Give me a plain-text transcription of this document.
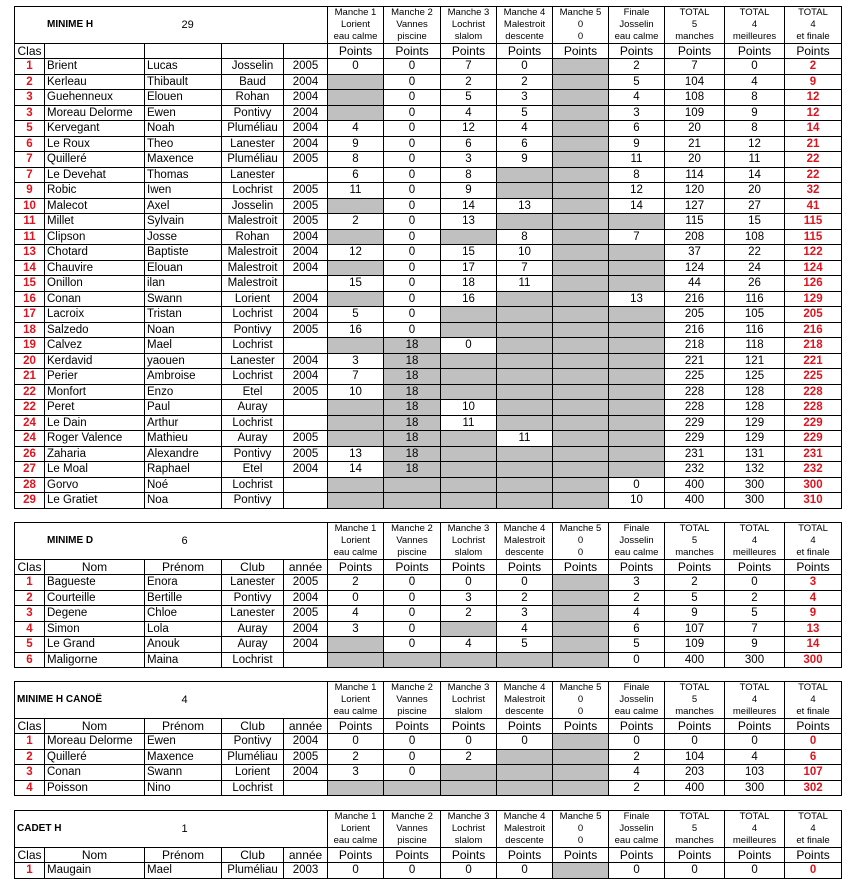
MINIME H	29	
Manche 1
Lorient
eau calme

Manche 2
Vannes
piscine

Manche 3
Lochrist
slalom

Manche 4
Malestroit
descente

Manche 5
0
0

Finale
Josselin
eau calme

TOTAL
5
manches

TOTAL
4
meilleures

TOTAL
4
et finale

Clas					Points	Points	Points	Points	Points	Points	Points	Points	Points
1	Brient	Lucas	Josselin	2005	0	0	7	0		2	7	0	2
2	Kerleau	Thibault	Baud	2004		0	2	2		5	104	4	9
3	Guehenneux	Elouen	Rohan	2004		0	5	3		4	108	8	12
3	Moreau Delorme	Ewen	Pontivy	2004		0	4	5		3	109	9	12
5	Kervegant	Noah	Pluméliau	2004	4	0	12	4		6	20	8	14
6	Le Roux	Theo	Lanester	2004	9	0	6	6		9	21	12	21
7	Quilleré	Maxence	Pluméliau	2005	8	0	3	9		11	20	11	22
7	Le Devehat	Thomas	Lanester		6	0	8			8	114	14	22
9	Robic	Iwen	Lochrist	2005	11	0	9			12	120	20	32
10	Malecot	Axel	Josselin	2005		0	14	13		14	127	27	41
11	Millet	Sylvain	Malestroit	2005	2	0	13				115	15	115
11	Clipson	Josse	Rohan	2004		0		8		7	208	108	115
13	Chotard	Baptiste	Malestroit	2004	12	0	15	10			37	22	122
14	Chauvire	Elouan	Malestroit	2004		0	17	7			124	24	124
15	Onillon	ilan	Malestroit		15	0	18	11			44	26	126
16	Conan	Swann	Lorient	2004		0	16			13	216	116	129
17	Lacroix	Tristan	Lochrist	2004	5	0					205	105	205
18	Salzedo	Noan	Pontivy	2005	16	0					216	116	216
19	Calvez	Mael	Lochrist			18	0				218	118	218
20	Kerdavid	yaouen	Lanester	2004	3	18					221	121	221
21	Perier	Ambroise	Lochrist	2004	7	18					225	125	225
22	Monfort	Enzo	Etel	2005	10	18					228	128	228
22	Peret	Paul	Auray			18	10				228	128	228
24	Le Dain	Arthur	Lochrist			18	11				229	129	229
24	Roger Valence	Mathieu	Auray	2005		18		11			229	129	229
26	Zaharia	Alexandre	Pontivy	2005	13	18					231	131	231
27	Le Moal	Raphael	Etel	2004	14	18					232	132	232
28	Gorvo	Noé	Lochrist							0	400	300	300
29	Le Gratiet	Noa	Pontivy							10	400	300	310
MINIME D	6	
Manche 1
Lorient
eau calme

Manche 2
Vannes
piscine

Manche 3
Lochrist
slalom

Manche 4
Malestroit
descente

Manche 5
0
0

Finale
Josselin
eau calme

TOTAL
5
manches

TOTAL
4
meilleures

TOTAL
4
et finale

Clas	Nom	Prénom	Club	année	Points	Points	Points	Points	Points	Points	Points	Points	Points
1	Bagueste	Enora	Lanester	2005	2	0	0	0		3	2	0	3
2	Courteille	Bertille	Pontivy	2004	0	0	3	2		2	5	2	4
3	Degene	Chloe	Lanester	2005	4	0	2	3		4	9	5	9
4	Simon	Lola	Auray	2004	3	0		4		6	107	7	13
5	Le Grand	Anouk	Auray	2004		0	4	5		5	109	9	14
6	Maligorne	Maina	Lochrist							0	400	300	300
MINIME H CANOË	4	
Manche 1
Lorient
eau calme

Manche 2
Vannes
piscine

Manche 3
Lochrist
slalom

Manche 4
Malestroit
descente

Manche 5
0
0

Finale
Josselin
eau calme

TOTAL
5
manches

TOTAL
4
meilleures

TOTAL
4
et finale

Clas	Nom	Prénom	Club	année	Points	Points	Points	Points	Points	Points	Points	Points	Points
1	Moreau Delorme	Ewen	Pontivy	2004	0	0	0	0		0	0	0	0
2	Quilleré	Maxence	Pluméliau	2005	2	0	2			2	104	4	6
3	Conan	Swann	Lorient	2004	3	0				4	203	103	107
4	Poisson	Nino	Lochrist							2	400	300	302
CADET H	1	
Manche 1
Lorient
eau calme

Manche 2
Vannes
piscine

Manche 3
Lochrist
slalom

Manche 4
Malestroit
descente

Manche 5
0
0

Finale
Josselin
eau calme

TOTAL
5
manches

TOTAL
4
meilleures

TOTAL
4
et finale

Clas	Nom	Prénom	Club	année	Points	Points	Points	Points	Points	Points	Points	Points	Points
1	Maugain	Mael	Pluméliau	2003	0	0	0	0		0	0	0	0
